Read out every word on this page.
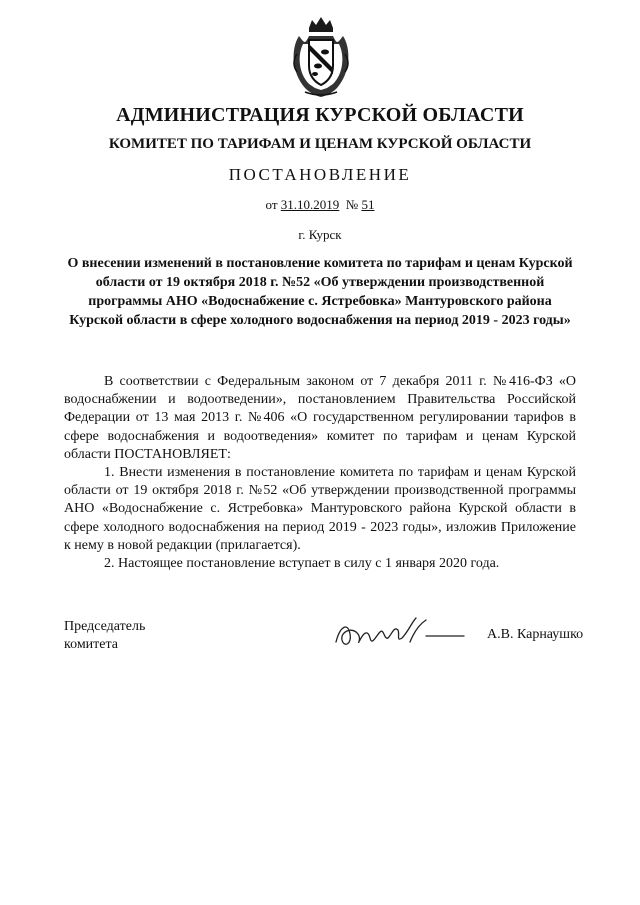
АДМИНИСТРАЦИЯ КУРСКОЙ ОБЛАСТИ
КОМИТЕТ ПО ТАРИФАМ И ЦЕНАМ КУРСКОЙ ОБЛАСТИ
ПОСТАНОВЛЕНИЕ
от 31.10.2019 № 51
г. Курск
О внесении изменений в постановление комитета по тарифам и ценам Курской области от 19 октября 2018 г. №52 «Об утверждении производственной программы АНО «Водоснабжение с. Ястребовка» Мантуровского района Курской области в сфере холодного водоснабжения на период 2019 - 2023 годы»

В соответствии с Федеральным законом от 7 декабря 2011 г. №416-ФЗ «О водоснабжении и водоотведении», постановлением Правительства Российской Федерации от 13 мая 2013 г. №406 «О государственном регулировании тарифов в сфере водоснабжения и водоотведения» комитет по тарифам и ценам Курской области ПОСТАНОВЛЯЕТ:

1. Внести изменения в постановление комитета по тарифам и ценам Курской области от 19 октября 2018 г. №52 «Об утверждении производственной программы АНО «Водоснабжение с. Ястребовка» Мантуровского района Курской области в сфере холодного водоснабжения на период 2019 - 2023 годы», изложив Приложение к нему в новой редакции (прилагается).

2. Настоящее постановление вступает в силу с 1 января 2020 года.

Председатель
комитета
А.В. Карнаушко
